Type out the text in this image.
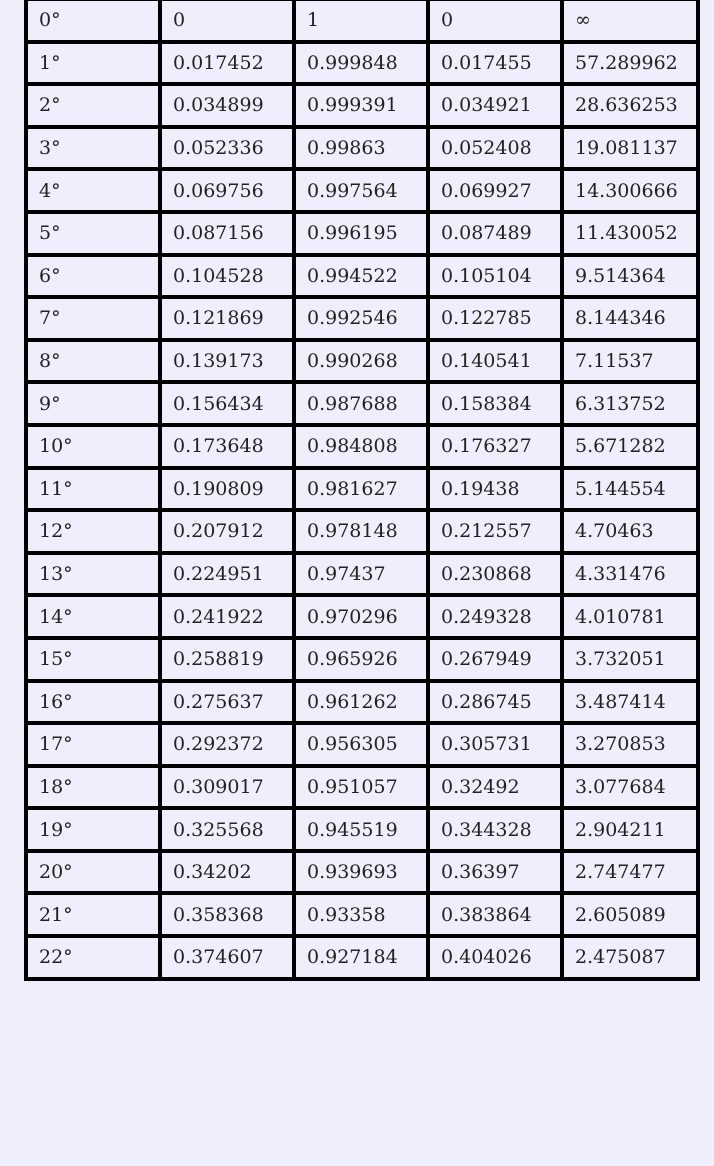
0°	0	1	0	∞
1°	0.017452	0.999848	0.017455	57.289962
2°	0.034899	0.999391	0.034921	28.636253
3°	0.052336	0.99863	0.052408	19.081137
4°	0.069756	0.997564	0.069927	14.300666
5°	0.087156	0.996195	0.087489	11.430052
6°	0.104528	0.994522	0.105104	9.514364
7°	0.121869	0.992546	0.122785	8.144346
8°	0.139173	0.990268	0.140541	7.11537
9°	0.156434	0.987688	0.158384	6.313752
10°	0.173648	0.984808	0.176327	5.671282
11°	0.190809	0.981627	0.19438	5.144554
12°	0.207912	0.978148	0.212557	4.70463
13°	0.224951	0.97437	0.230868	4.331476
14°	0.241922	0.970296	0.249328	4.010781
15°	0.258819	0.965926	0.267949	3.732051
16°	0.275637	0.961262	0.286745	3.487414
17°	0.292372	0.956305	0.305731	3.270853
18°	0.309017	0.951057	0.32492	3.077684
19°	0.325568	0.945519	0.344328	2.904211
20°	0.34202	0.939693	0.36397	2.747477
21°	0.358368	0.93358	0.383864	2.605089
22°	0.374607	0.927184	0.404026	2.475087
